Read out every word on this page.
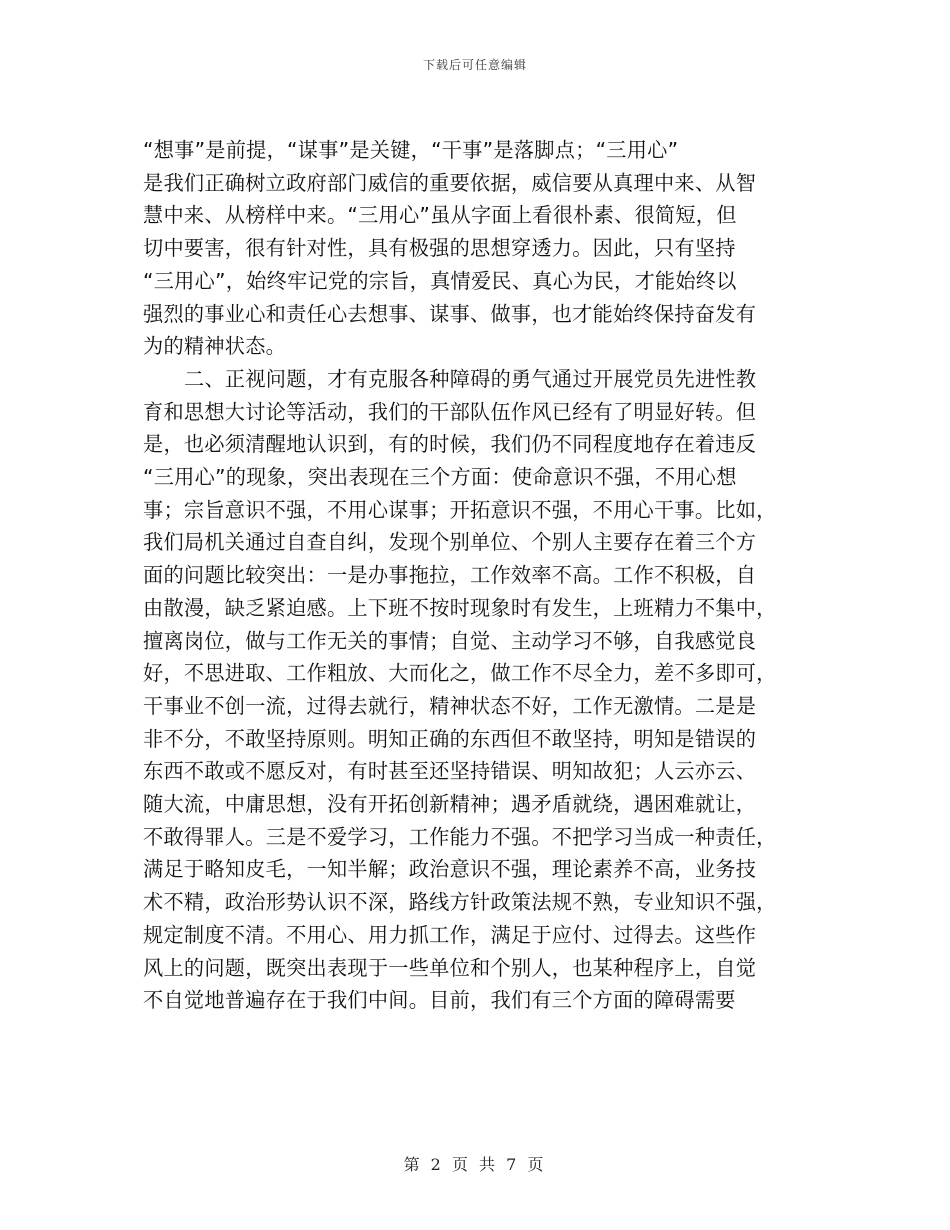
下载后可任意编辑

“想事”是前提，“谋事”是关键，“干事”是落脚点；“三用心”
是我们正确树立政府部门威信的重要依据，威信要从真理中来、从智
慧中来、从榜样中来。“三用心”虽从字面上看很朴素、很简短，但
切中要害，很有针对性，具有极强的思想穿透力。因此，只有坚持
“三用心”，始终牢记党的宗旨，真情爱民、真心为民，才能始终以
强烈的事业心和责任心去想事、谋事、做事，也才能始终保持奋发有
为的精神状态。

二、正视问题，才有克服各种障碍的勇气通过开展党员先进性教
育和思想大讨论等活动，我们的干部队伍作风已经有了明显好转。但
是，也必须清醒地认识到，有的时候，我们仍不同程度地存在着违反
“三用心”的现象，突出表现在三个方面：使命意识不强，不用心想
事；宗旨意识不强，不用心谋事；开拓意识不强，不用心干事。比如，
我们局机关通过自查自纠，发现个别单位、个别人主要存在着三个方
面的问题比较突出：一是办事拖拉，工作效率不高。工作不积极，自
由散漫，缺乏紧迫感。上下班不按时现象时有发生，上班精力不集中，
擅离岗位，做与工作无关的事情；自觉、主动学习不够，自我感觉良
好，不思进取、工作粗放、大而化之，做工作不尽全力，差不多即可，
干事业不创一流，过得去就行，精神状态不好，工作无激情。二是是
非不分，不敢坚持原则。明知正确的东西但不敢坚持，明知是错误的
东西不敢或不愿反对，有时甚至还坚持错误、明知故犯；人云亦云、
随大流，中庸思想，没有开拓创新精神；遇矛盾就绕，遇困难就让，
不敢得罪人。三是不爱学习，工作能力不强。不把学习当成一种责任，
满足于略知皮毛，一知半解；政治意识不强，理论素养不高，业务技
术不精，政治形势认识不深，路线方针政策法规不熟，专业知识不强，
规定制度不清。不用心、用力抓工作，满足于应付、过得去。这些作
风上的问题，既突出表现于一些单位和个别人，也某种程序上，自觉
不自觉地普遍存在于我们中间。目前，我们有三个方面的障碍需要

第 2 页 共 7 页
